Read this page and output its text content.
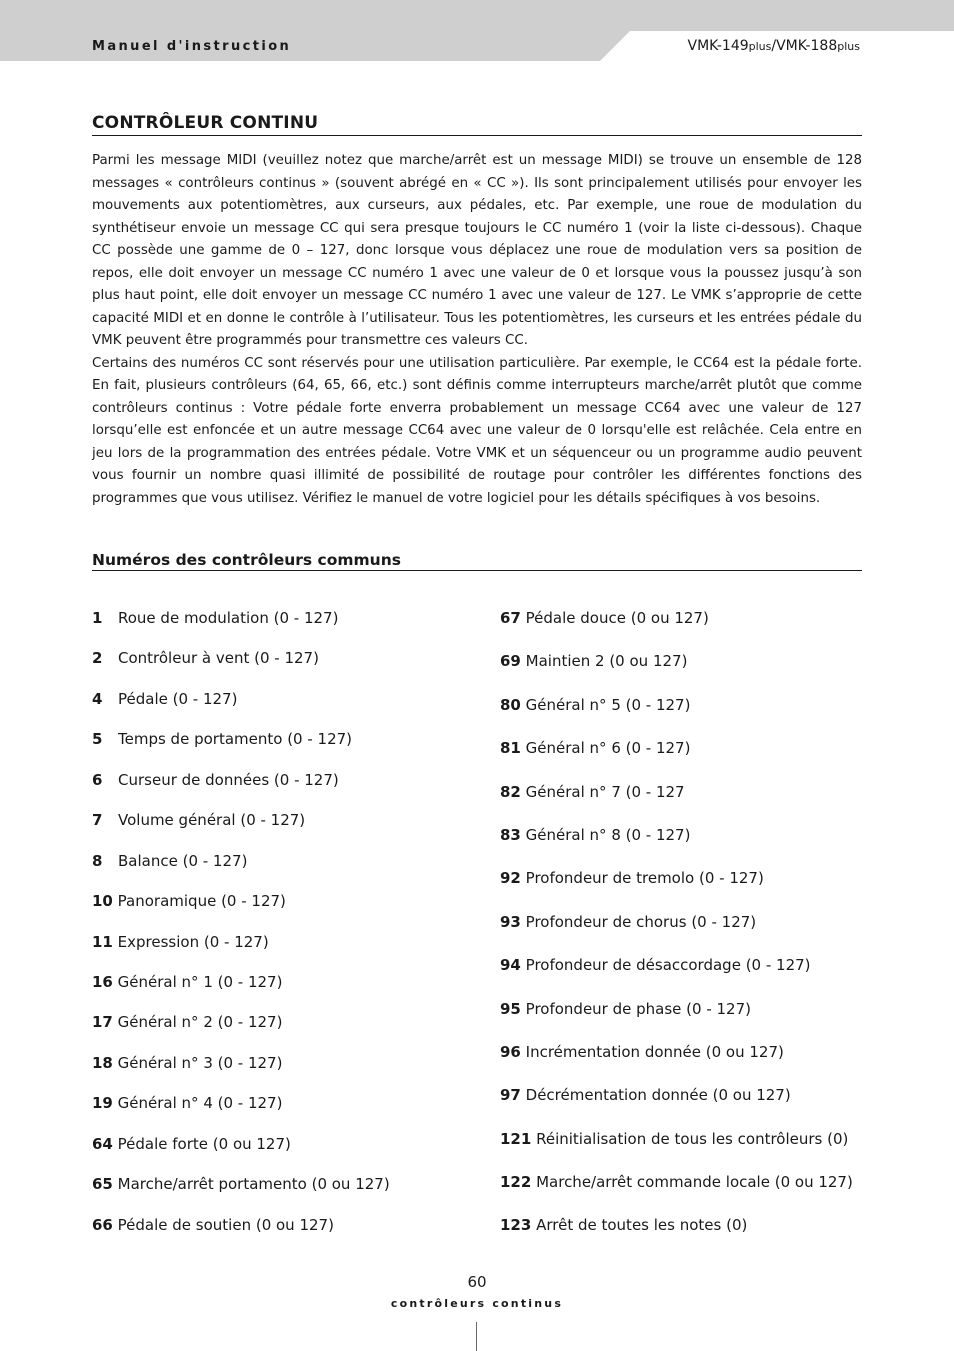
Manuel d'instruction	VMK-149plus/VMK-188plus
CONTRÔLEUR CONTINU

Parmi les message MIDI (veuillez notez que marche/arrêt est un message MIDI) se trouve un ensemble de 128 messages « contrôleurs continus » (souvent abrégé en « CC »). Ils sont principalement utilisés pour envoyer les mouvements aux potentiomètres, aux curseurs, aux pédales, etc. Par exemple, une roue de modulation du synthétiseur envoie un message CC qui sera presque toujours le CC numéro 1 (voir la liste ci-dessous). Chaque CC possède une gamme de 0 – 127, donc lorsque vous déplacez une roue de modulation vers sa position de repos, elle doit envoyer un message CC numéro 1 avec une valeur de 0 et lorsque vous la poussez jusqu’à son plus haut point, elle doit envoyer un message CC numéro 1 avec une valeur de 127. Le VMK s’approprie de cette capacité MIDI et en donne le contrôle à l’utilisateur. Tous les potentiomètres, les curseurs et les entrées pédale du VMK peuvent être programmés pour transmettre ces valeurs CC.

Certains des numéros CC sont réservés pour une utilisation particulière. Par exemple, le CC64 est la pédale forte. En fait, plusieurs contrôleurs (64, 65, 66, etc.) sont définis comme interrupteurs marche/arrêt plutôt que comme contrôleurs continus : Votre pédale forte enverra probablement un message CC64 avec une valeur de 127 lorsqu’elle est enfoncée et un autre message CC64 avec une valeur de 0 lorsqu'elle est relâchée. Cela entre en jeu lors de la programmation des entrées pédale. Votre VMK et un séquenceur ou un programme audio peuvent vous fournir un nombre quasi illimité de possibilité de routage pour contrôler les différentes fonctions des programmes que vous utilisez. Vérifiez le manuel de votre logiciel pour les détails spécifiques à vos besoins.

Numéros des contrôleurs communs
1 Roue de modulation (0 - 127)
2 Contrôleur à vent (0 - 127)
4 Pédale (0 - 127)
5 Temps de portamento (0 - 127)
6 Curseur de données (0 - 127)
7 Volume général (0 - 127)
8 Balance (0 - 127)
10 Panoramique (0 - 127)
11 Expression (0 - 127)
16 Général n° 1 (0 - 127)
17 Général n° 2 (0 - 127)
18 Général n° 3 (0 - 127)
19 Général n° 4 (0 - 127)
64 Pédale forte (0 ou 127)
65 Marche/arrêt portamento (0 ou 127)
66 Pédale de soutien (0 ou 127)
67 Pédale douce (0 ou 127)
69 Maintien 2 (0 ou 127)
80 Général n° 5 (0 - 127)
81 Général n° 6 (0 - 127)
82 Général n° 7 (0 - 127
83 Général n° 8 (0 - 127)
92 Profondeur de tremolo (0 - 127)
93 Profondeur de chorus (0 - 127)
94 Profondeur de désaccordage (0 - 127)
95 Profondeur de phase (0 - 127)
96 Incrémentation donnée (0 ou 127)
97 Décrémentation donnée (0 ou 127)
121 Réinitialisation de tous les contrôleurs (0)
122 Marche/arrêt commande locale (0 ou 127)
123 Arrêt de toutes les notes (0)
60
contrôleurs continus
